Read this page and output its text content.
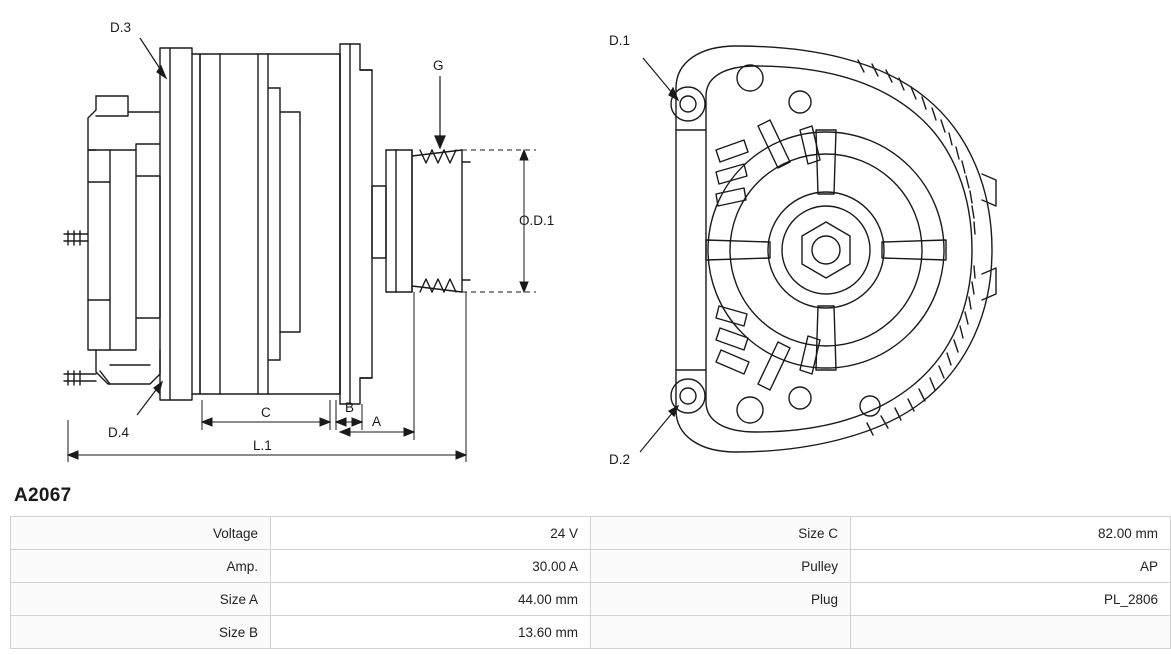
D.3
D.4
G
O.D.1
A
B
C
L.1
D.1
D.2
A2067
Voltage	24 V	Size C	82.00 mm
Amp.	30.00 A	Pulley	AP
Size A	44.00 mm	Plug	PL_2806
Size B	13.60 mm		
